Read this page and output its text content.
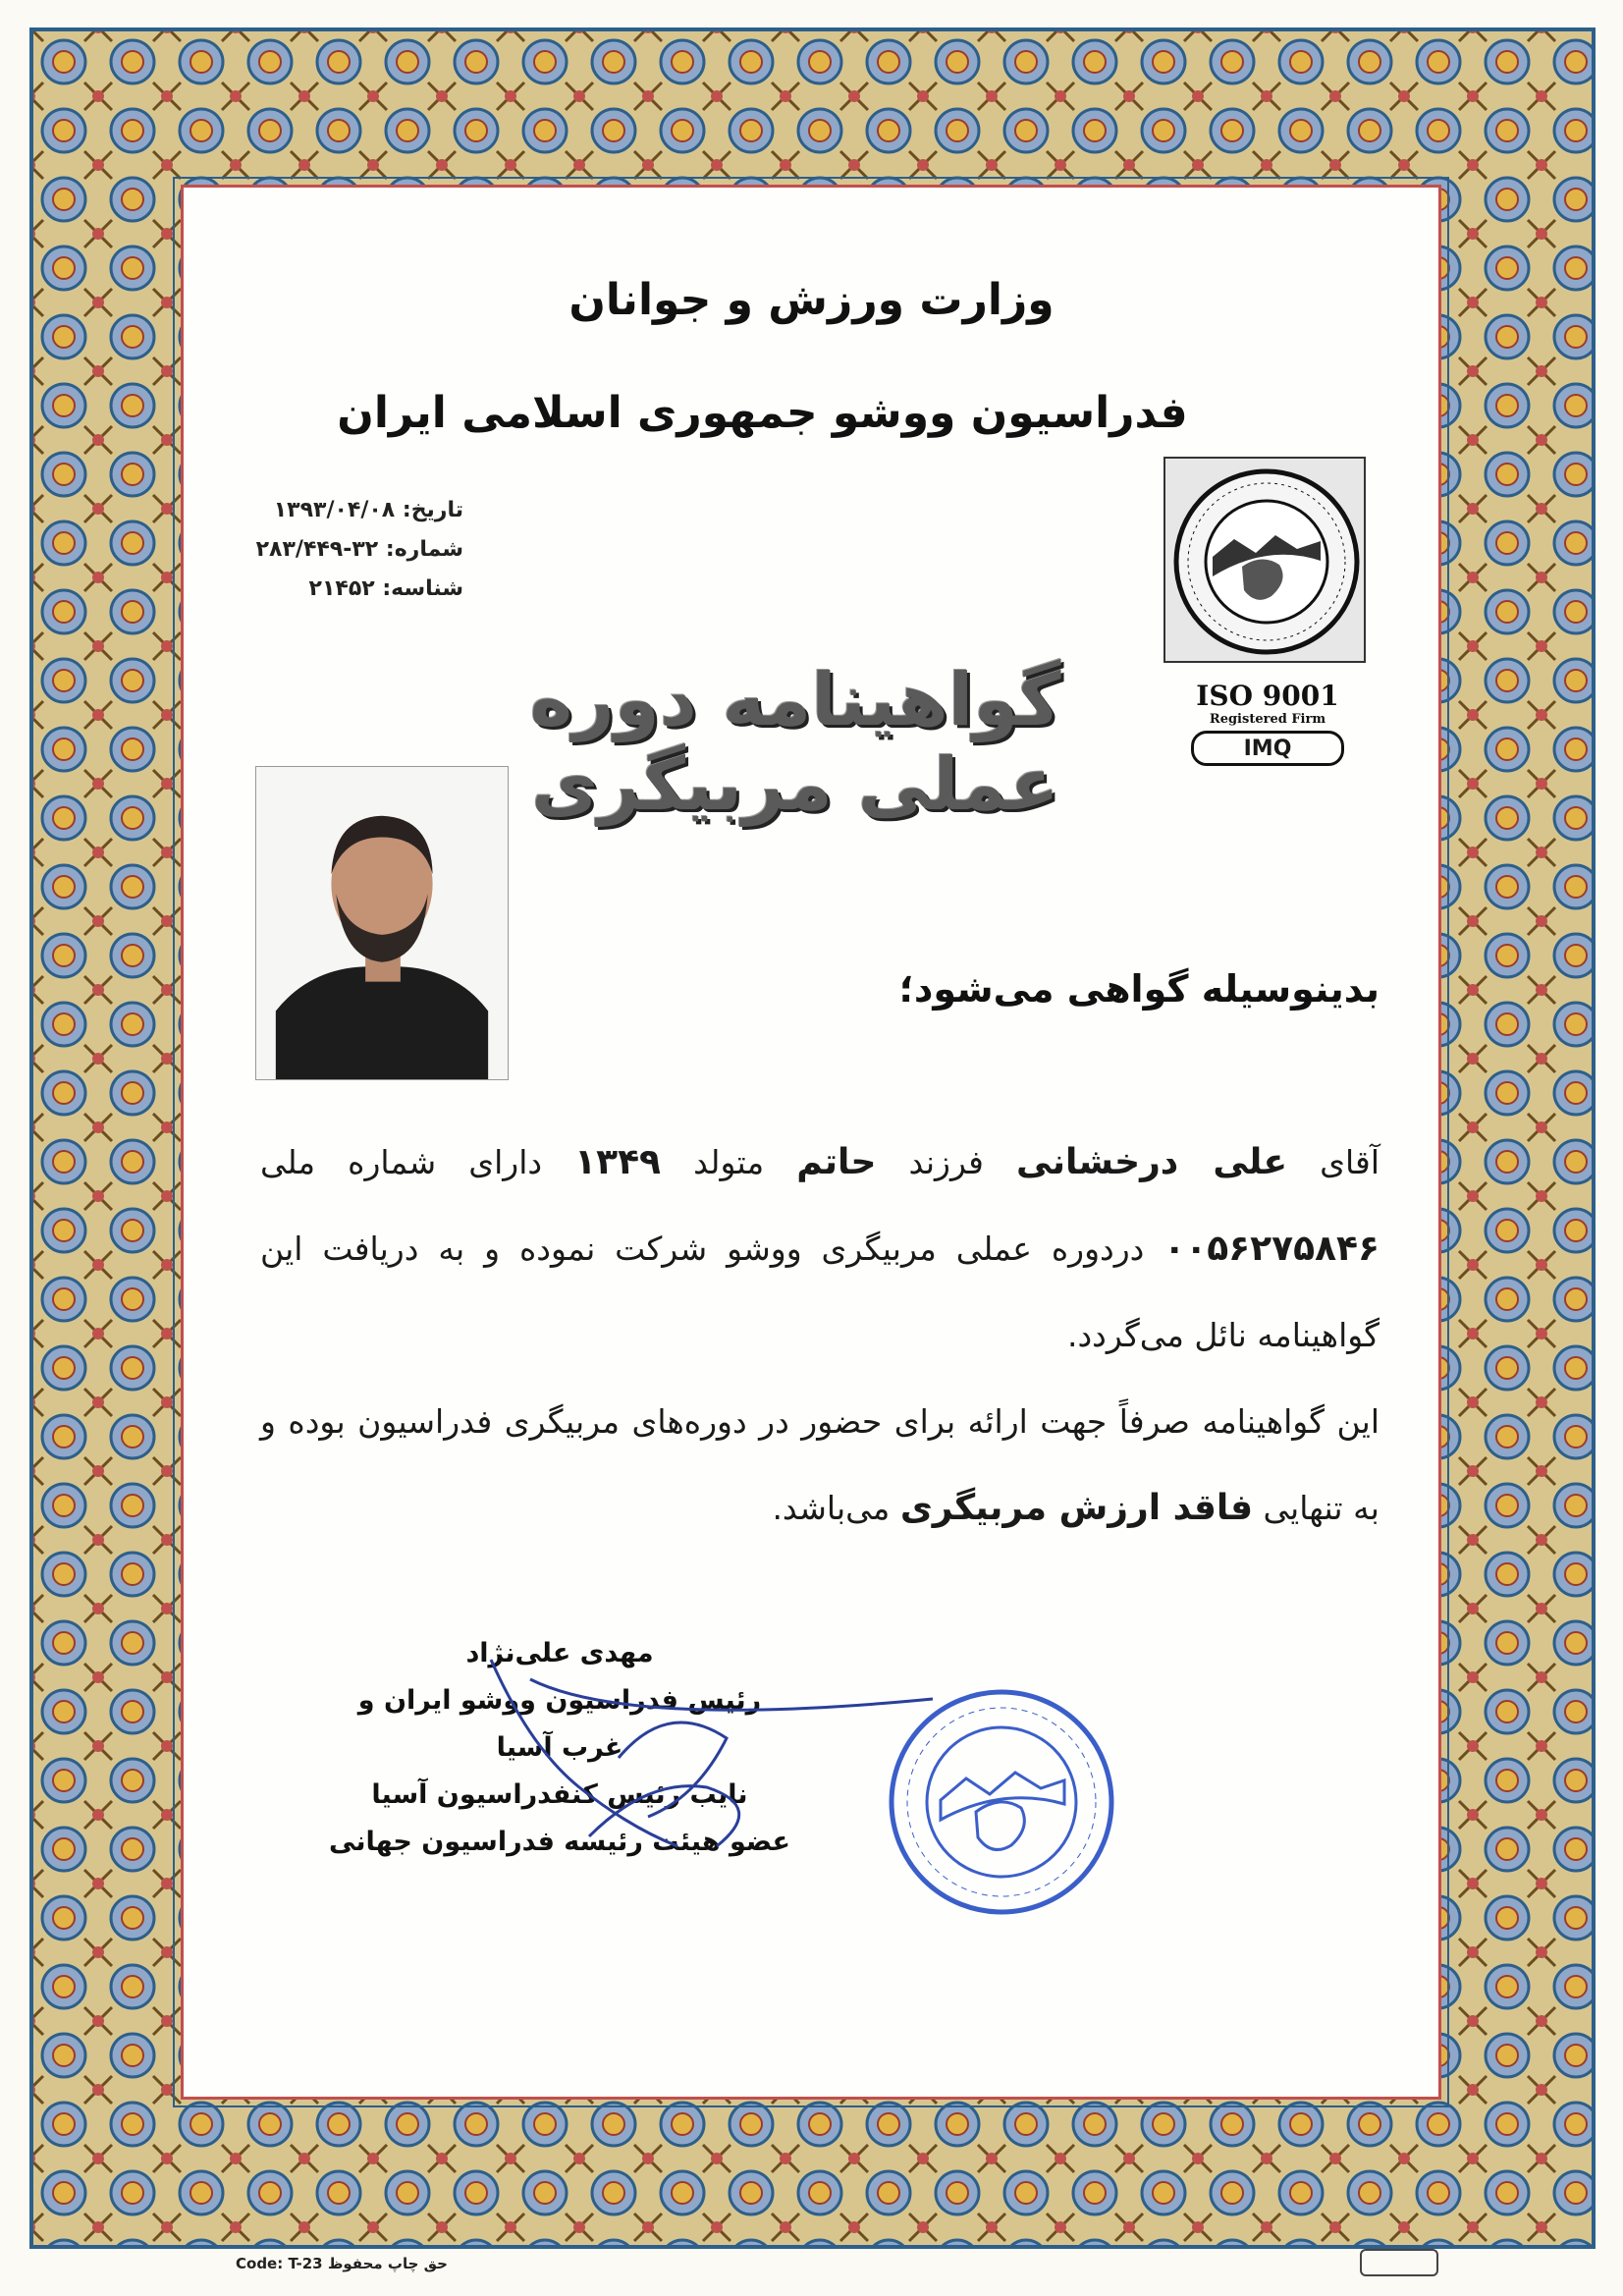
وزارت ورزش و جوانان
فدراسیون ووشو جمهوری اسلامی ایران
تاریخ: ۱۳۹۳/۰۴/۰۸
شماره: ۳۲-۲۸۳/۴۴۹
شناسه: ۲۱۴۵۲
ISO 9001
Registered Firm
IMQ
گواهینامه دوره عملی مربیگری
بدینوسیله گواهی می‌شود؛
آقای علی درخشانی فرزند حاتم متولد ۱۳۴۹ دارای شماره ملی ۰۰۵۶۲۷۵۸۴۶ دردوره عملی مربیگری ووشو شرکت نموده و به دریافت این گواهینامه نائل می‌گردد.
این گواهینامه صرفاً جهت ارائه برای حضور در دوره‌های مربیگری فدراسیون بوده و به تنهایی فاقد ارزش مربیگری می‌باشد.
مهدی علی‌نژاد
رئیس فدراسیون ووشو ایران و غرب آسیا
نایب رئیس کنفدراسیون آسیا
عضو هیئت رئیسه فدراسیون جهانی
Code: T-23 حق چاپ محفوظ
